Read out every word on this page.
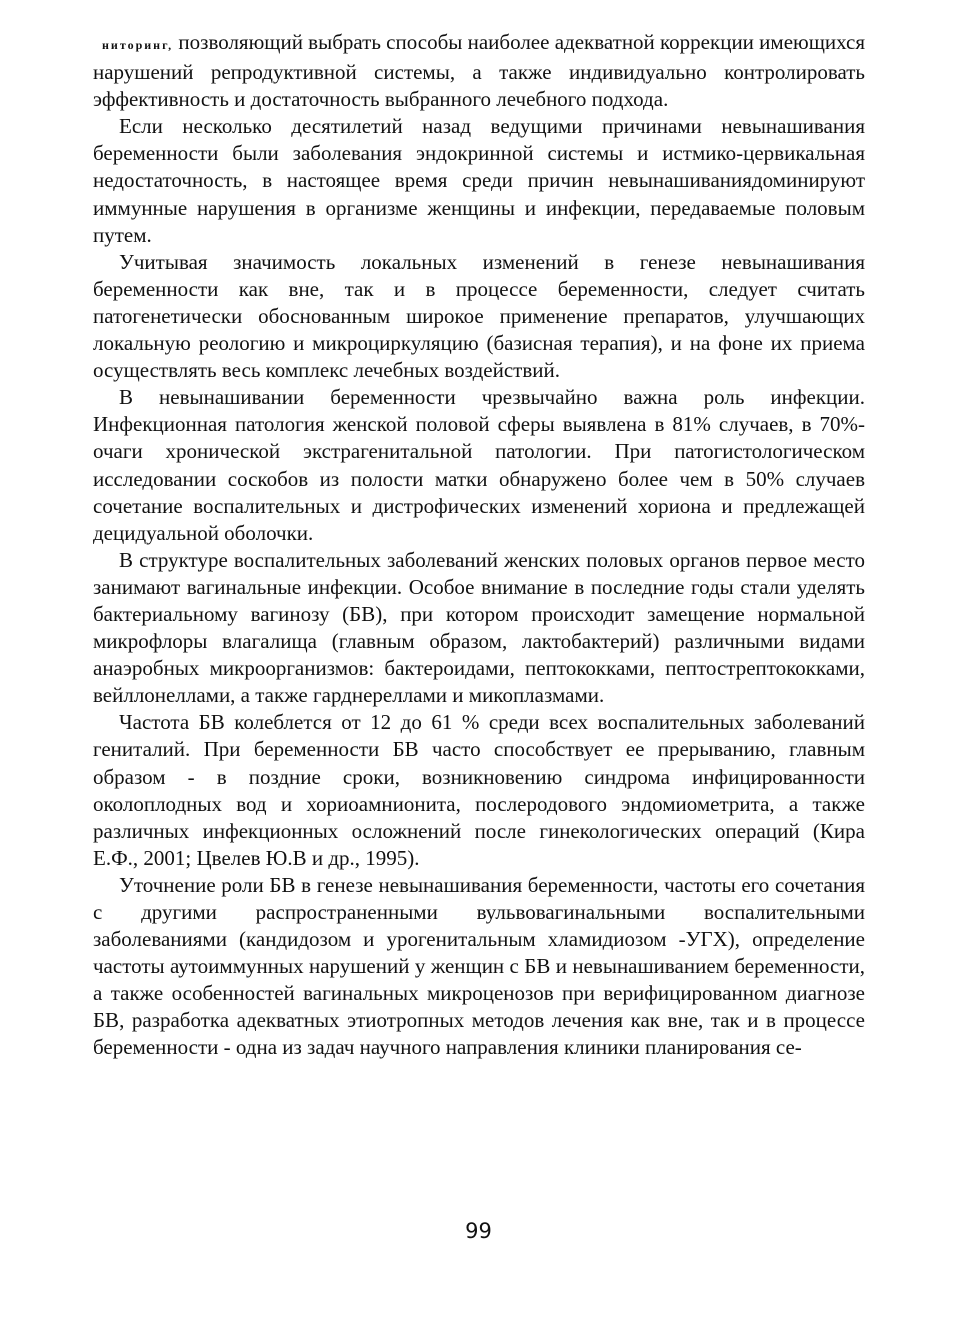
ниторинг, позволяющий выбрать способы наиболее адекватной коррекции имеющихся нарушений репродуктивной системы, а также индивидуально контролировать эффективность и достаточность выбранного лечебного подхода.

Если несколько десятилетий назад ведущими причинами невынашивания беременности были заболевания эндокринной системы и истмико-цервикальная недостаточность, в настоящее время среди причин невынашиваниядоминируют иммунные нарушения в организме женщины и инфекции, передаваемые половым путем.

Учитывая значимость локальных изменений в генезе невынашивания беременности как вне, так и в процессе беременности, следует считать патогенетически обоснованным широкое применение препаратов, улучшающих локальную реологию и микроциркуляцию (базисная терапия), и на фоне их приема осуществлять весь комплекс лечебных воздействий.

В невынашивании беременности чрезвычайно важна роль инфекции. Инфекционная патология женской половой сферы выявлена в 81% случаев, в 70%- очаги хронической экстрагенитальной патологии. При патогистологическом исследовании соскобов из полости матки обнаружено более чем в 50% случаев сочетание воспалительных и дистрофических изменений хориона и предлежащей децидуальной оболочки.

В структуре воспалительных заболеваний женских половых органов первое место занимают вагинальные инфекции. Особое внимание в последние годы стали уделять бактериальному вагинозу (БВ), при котором происходит замещение нормальной микрофлоры влагалища (главным образом, лактобактерий) различными видами анаэробных микроорганизмов: бактероидами, пептококками, пептострептококками, вейллонеллами, а также гарднереллами и микоплазмами.

Частота БВ колеблется от 12 до 61 % среди всех воспалительных заболеваний гениталий. При беременности БВ часто способствует ее прерыванию, главным образом - в поздние сроки, возникновению синдрома инфицированности околоплодных вод и хориоамнионита, послеродового эндомиометрита, а также различных инфекционных осложнений после гинекологических операций (Кира Е.Ф., 2001; Цвелев Ю.В и др., 1995).

Уточнение роли БВ в генезе невынашивания беременности, частоты его сочетания с другими распространенными вульвовагинальными воспалительными заболеваниями (кандидозом и урогенитальным хламидиозом -УГХ), определение частоты аутоиммунных нарушений у женщин с БВ и невынашиванием беременности, а также особенностей вагинальных микроценозов при верифицированном диагнозе БВ, разработка адекватных этиотропных методов лечения как вне, так и в процессе беременности - одна из задач научного направления клиники планирования се-

99
